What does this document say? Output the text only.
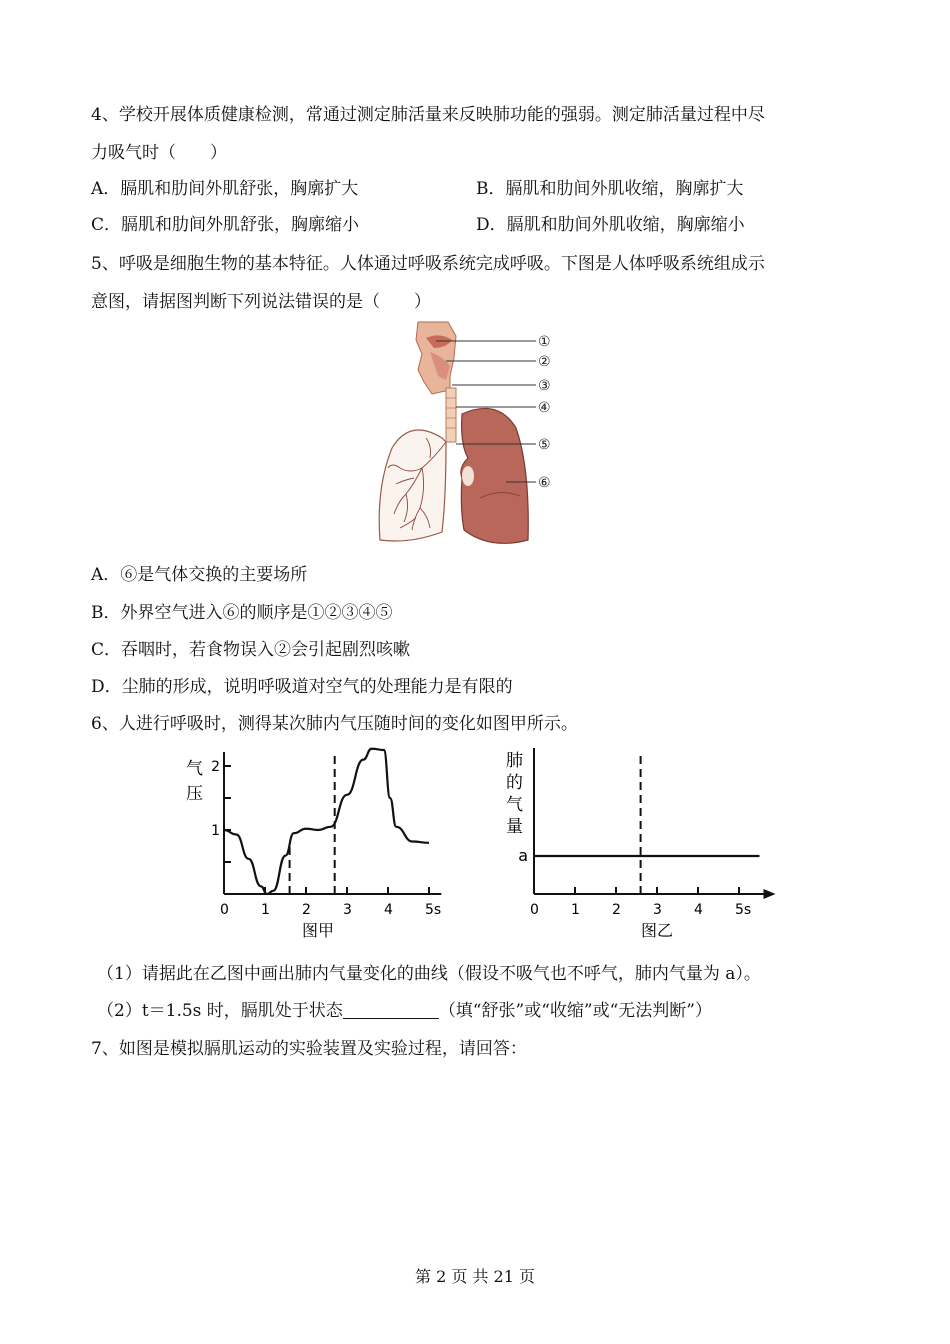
4、学校开展体质健康检测，常通过测定肺活量来反映肺功能的强弱。测定肺活量过程中尽
力吸气时（　　）
A．膈肌和肋间外肌舒张，胸廓扩大	B．膈肌和肋间外肌收缩，胸廓扩大
C．膈肌和肋间外肌舒张，胸廓缩小	D．膈肌和肋间外肌收缩，胸廓缩小
5、呼吸是细胞生物的基本特征。人体通过呼吸系统完成呼吸。下图是人体呼吸系统组成示
意图，请据图判断下列说法错误的是（　　）
①
②
③
④
⑤
⑥
A．⑥是气体交换的主要场所
B．外界空气进入⑥的顺序是①②③④⑤
C．吞咽时，若食物误入②会引起剧烈咳嗽
D．尘肺的形成，说明呼吸道对空气的处理能力是有限的
6、人进行呼吸时，测得某次肺内气压随时间的变化如图甲所示。
气
压
0 1 2 3 4 5s
1
2
图甲
肺
的
气
量
0 1 2 3 4 5s
a
图乙
（1）请据此在乙图中画出肺内气量变化的曲线（假设不吸气也不呼气，肺内气量为 a）。
（2）t＝1.5s 时，膈肌处于状态	（填“舒张”或“收缩”或“无法判断”）
7、如图是模拟膈肌运动的实验装置及实验过程，请回答：
第 2 页 共 21 页
